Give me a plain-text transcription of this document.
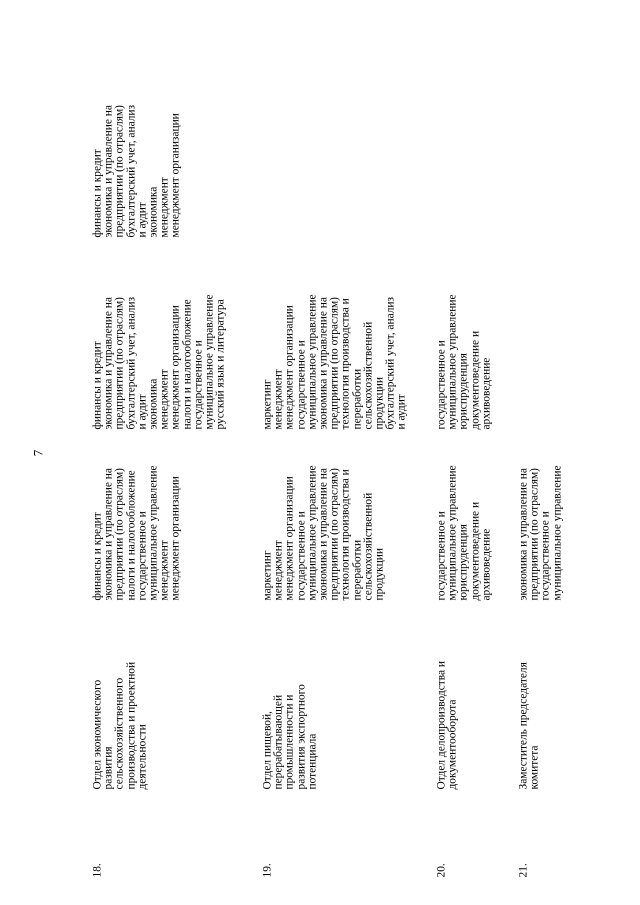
7
18.
Отдел экономического
развития
сельскохозяйственного
производства и проектной
деятельности
финансы и кредит
экономика и управление на
предприятии (по отраслям)
налоги и налогообложение
государственное и
муниципальное управление
менеджмент
менеджмент организации
финансы и кредит
экономика и управление на
предприятии (по отраслям)
бухгалтерский учет, анализ
и аудит
экономика
менеджмент
менеджмент организации
налоги и налогообложение
государственное и
муниципальное управление
русский язык и литература
финансы и кредит
экономика и управление на
предприятии (по отраслям)
бухгалтерский учет, анализ
и аудит
экономика
менеджмент
менеджмент организации
19.
Отдел пищевой,
перерабатывающей
промышленности и
развития экспортного
потенциала
маркетинг
менеджмент
менеджмент организации
государственное и
муниципальное управление
экономика и управление на
предприятии (по отраслям)
технология производства и
переработки
сельскохозяйственной
продукции
маркетинг
менеджмент
менеджмент организации
государственное и
муниципальное управление
экономика и управление на
предприятии (по отраслям)
технология производства и
переработки
сельскохозяйственной
продукции
бухгалтерский учет, анализ
и аудит
20.
Отдел делопроизводства и
документооборота
государственное и
муниципальное управление
юриспруденция
документоведение и
архивоведение
государственное и
муниципальное управление
юриспруденция
документоведение и
архивоведение
21.
Заместитель председателя
комитета
экономика и управление на
предприятии (по отраслям)
государственное и
муниципальное управление
